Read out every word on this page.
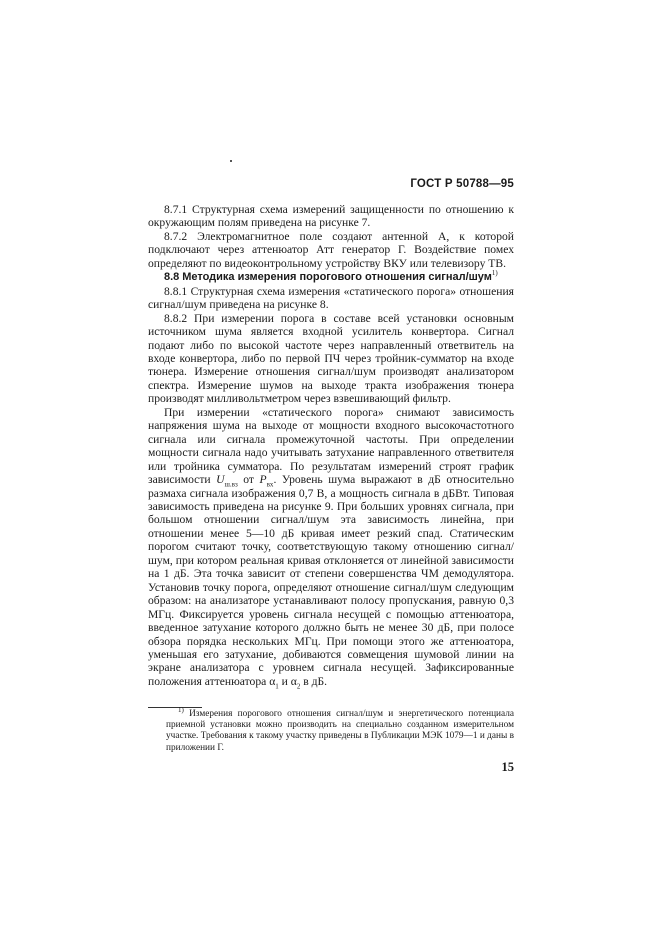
ГОСТ Р 50788—95

8.7.1 Структурная схема измерений защищенности по отношению к окружающим полям приведена на рисунке 7.

8.7.2 Электромагнитное поле создают антенной А, к которой подключают через аттенюатор Атт генератор Г. Воздействие помех определяют по видеоконтрольному устройству ВКУ или телевизору ТВ.

8.8 Методика измерения порогового отношения сигнал/шум$^{1)}$

8.8.1 Структурная схема измерения «статического порога» отношения сигнал/шум приведена на рисунке 8.

8.8.2 При измерении порога в составе всей установки основным источником шума является входной усилитель конвертора. Сигнал подают либо по высокой частоте через направленный ответвитель на входе конвертора, либо по первой ПЧ через тройник-сумматор на входе тюнера. Измерение отношения сигнал/шум производят анализатором спектра. Измерение шумов на выходе тракта изображения тюнера производят милливольтметром через взвешивающий фильтр.

При измерении «статического порога» снимают зависимость напряжения шума на выходе от мощности входного высокочастотного сигнала или сигнала промежуточной частоты. При определении мощности сигнала надо учитывать затухание направленного ответвителя или тройника сумматора. По результатам измерений строят график зависимости $U_{ш.вз}$ от $P_{вх}$. Уровень шума выражают в дБ относительно размаха сигнала изображения 0,7 В, а мощность сигнала в дБВт. Типовая зависимость приведена на рисунке 9. При больших уровнях сигнала, при большом отношении сигнал/шум эта зависимость линейна, при отношении менее 5—10 дБ кривая имеет резкий спад. Статическим порогом считают точку, соответствующую такому отношению сигнал/шум, при котором реальная кривая отклоняется от линейной зависимости на 1 дБ. Эта точка зависит от степени совершенства ЧМ демодулятора. Установив точку порога, определяют отношение сигнал/шум следующим образом: на анализаторе устанавливают полосу пропускания, равную 0,3 МГц. Фиксируется уровень сигнала несущей с помощью аттенюатора, введенное затухание которого должно быть не менее 30 дБ, при полосе обзора порядка нескольких МГц. При помощи этого же аттенюатора, уменьшая его затухание, добиваются совмещения шумовой линии на экране анализатора с уровнем сигнала несущей. Зафиксированные положения аттенюатора $\alpha_1$ и $\alpha_2$ в дБ.

$^{1)}$ Измерения порогового отношения сигнал/шум и энергетического потенциала приемной установки можно производить на специально созданном измерительном участке. Требования к такому участку приведены в Публикации МЭК 1079—1 и даны в приложении Г.
15
